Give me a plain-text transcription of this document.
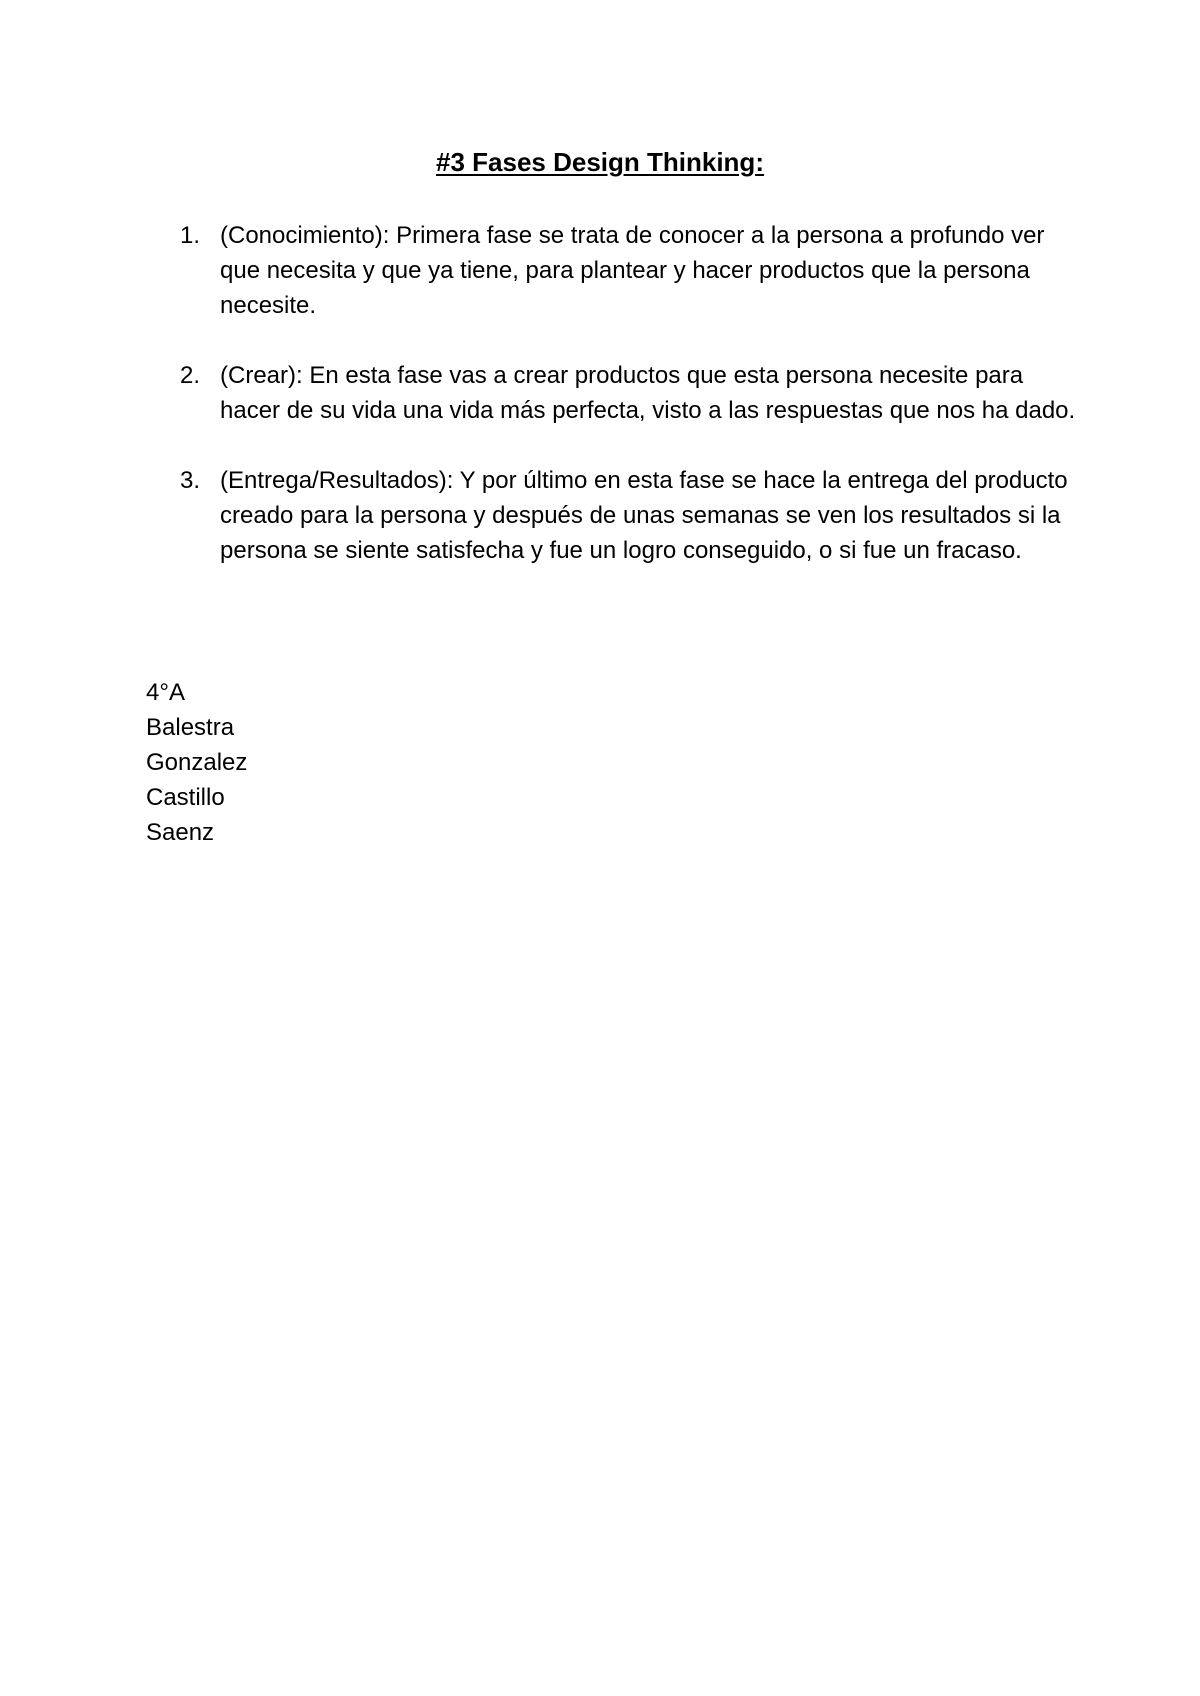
#3 Fases Design Thinking:
1. (Conocimiento): Primera fase se trata de conocer a la persona a profundo ver que necesita y que ya tiene, para plantear y hacer productos que la persona necesite.
2. (Crear): En esta fase vas a crear productos que esta persona necesite para hacer de su vida una vida más perfecta, visto a las respuestas que nos ha dado.
3. (Entrega/Resultados): Y por último en esta fase se hace la entrega del producto creado para la persona y después de unas semanas se ven los resultados si la persona se siente satisfecha y fue un logro conseguido, o si fue un fracaso.
4°A
Balestra
Gonzalez
Castillo
Saenz
